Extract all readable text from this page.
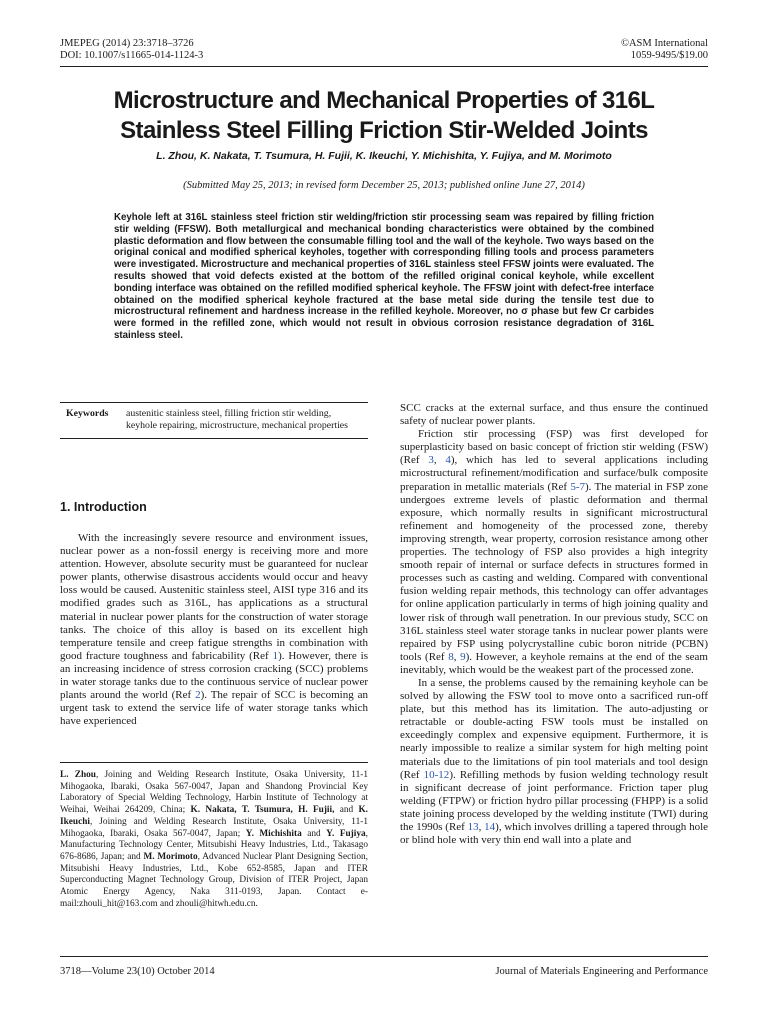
JMEPEG (2014) 23:3718–3726
DOI: 10.1007/s11665-014-1124-3
©ASM International
1059-9495/$19.00
Microstructure and Mechanical Properties of 316L
Stainless Steel Filling Friction Stir-Welded Joints
L. Zhou, K. Nakata, T. Tsumura, H. Fujii, K. Ikeuchi, Y. Michishita, Y. Fujiya, and M. Morimoto
(Submitted May 25, 2013; in revised form December 25, 2013; published online June 27, 2014)

Keyhole left at 316L stainless steel friction stir welding/friction stir processing seam was repaired by filling friction stir welding (FFSW). Both metallurgical and mechanical bonding characteristics were obtained by the combined plastic deformation and flow between the consumable filling tool and the wall of the keyhole. Two ways based on the original conical and modified spherical keyholes, together with corresponding filling tools and process parameters were investigated. Microstructure and mechanical properties of 316L stainless steel FFSW joints were evaluated. The results showed that void defects existed at the bottom of the refilled original conical keyhole, while excellent bonding interface was obtained on the refilled modified spherical keyhole. The FFSW joint with defect-free interface obtained on the modified spherical keyhole fractured at the base metal side during the tensile test due to microstructural refinement and hardness increase in the refilled keyhole. Moreover, no σ phase but few Cr carbides were formed in the refilled zone, which would not result in obvious corrosion resistance degradation of 316L stainless steel.

Keywords	austenitic stainless steel, filling friction stir welding, keyhole repairing, microstructure, mechanical properties
1. Introduction

With the increasingly severe resource and environment issues, nuclear power as a non-fossil energy is receiving more and more attention. However, absolute security must be guaranteed for nuclear power plants, otherwise disastrous accidents would occur and heavy loss would be caused. Austenitic stainless steel, AISI type 316 and its modified grades such as 316L, has applications as a structural material in nuclear power plants for the construction of water storage tanks. The choice of this alloy is based on its excellent high temperature tensile and creep fatigue strengths in combination with good fracture toughness and fabricability (Ref 1). However, there is an increasing incidence of stress corrosion cracking (SCC) problems in water storage tanks due to the continuous service of nuclear power plants around the world (Ref 2). The repair of SCC is becoming an urgent task to extend the service life of water storage tanks which have experienced

L. Zhou, Joining and Welding Research Institute, Osaka University, 11-1 Mihogaoka, Ibaraki, Osaka 567-0047, Japan and Shandong Provincial Key Laboratory of Special Welding Technology, Harbin Institute of Technology at Weihai, Weihai 264209, China; K. Nakata, T. Tsumura, H. Fujii, and K. Ikeuchi, Joining and Welding Research Institute, Osaka University, 11-1 Mihogaoka, Ibaraki, Osaka 567-0047, Japan; Y. Michishita and Y. Fujiya, Manufacturing Technology Center, Mitsubishi Heavy Industries, Ltd., Takasago 676-8686, Japan; and M. Morimoto, Advanced Nuclear Plant Designing Section, Mitsubishi Heavy Industries, Ltd., Kobe 652-8585, Japan and ITER Superconducting Magnet Technology Group, Division of ITER Project, Japan Atomic Energy Agency, Naka 311-0193, Japan. Contact e-mail:zhouli_hit@163.com and zhouli@hitwh.edu.cn.

SCC cracks at the external surface, and thus ensure the continued safety of nuclear power plants.

Friction stir processing (FSP) was first developed for superplasticity based on basic concept of friction stir welding (FSW) (Ref 3, 4), which has led to several applications including microstructural refinement/modification and surface/bulk composite preparation in metallic materials (Ref 5-7). The material in FSP zone undergoes extreme levels of plastic deformation and thermal exposure, which normally results in significant microstructural refinement and homogeneity of the processed zone, thereby improving strength, wear property, corrosion resistance among other properties. The technology of FSP also provides a high integrity smooth repair of internal or surface defects in structures formed in processes such as casting and welding. Compared with conventional fusion welding repair methods, this technology can offer advantages for online application particularly in terms of high joining quality and lower risk of through wall penetration. In our previous study, SCC on 316L stainless steel water storage tanks in nuclear power plants were repaired by FSP using polycrystalline cubic boron nitride (PCBN) tools (Ref 8, 9). However, a keyhole remains at the end of the seam inevitably, which would be the weakest part of the processed zone.

In a sense, the problems caused by the remaining keyhole can be solved by allowing the FSW tool to move onto a sacrificed run-off plate, but this method has its limitation. The auto-adjusting or retractable or double-acting FSW tools must be installed on exceedingly complex and expensive equipment. Furthermore, it is nearly impossible to realize a similar system for high melting point materials due to the limitations of pin tool materials and tool design (Ref 10-12). Refilling methods by fusion welding technology result in significant decrease of joint performance. Friction taper plug welding (FTPW) or friction hydro pillar processing (FHPP) is a solid state joining process developed by the welding institute (TWI) during the 1990s (Ref 13, 14), which involves drilling a tapered through hole or blind hole with very thin end wall into a plate and

3718—Volume 23(10) October 2014	Journal of Materials Engineering and Performance
